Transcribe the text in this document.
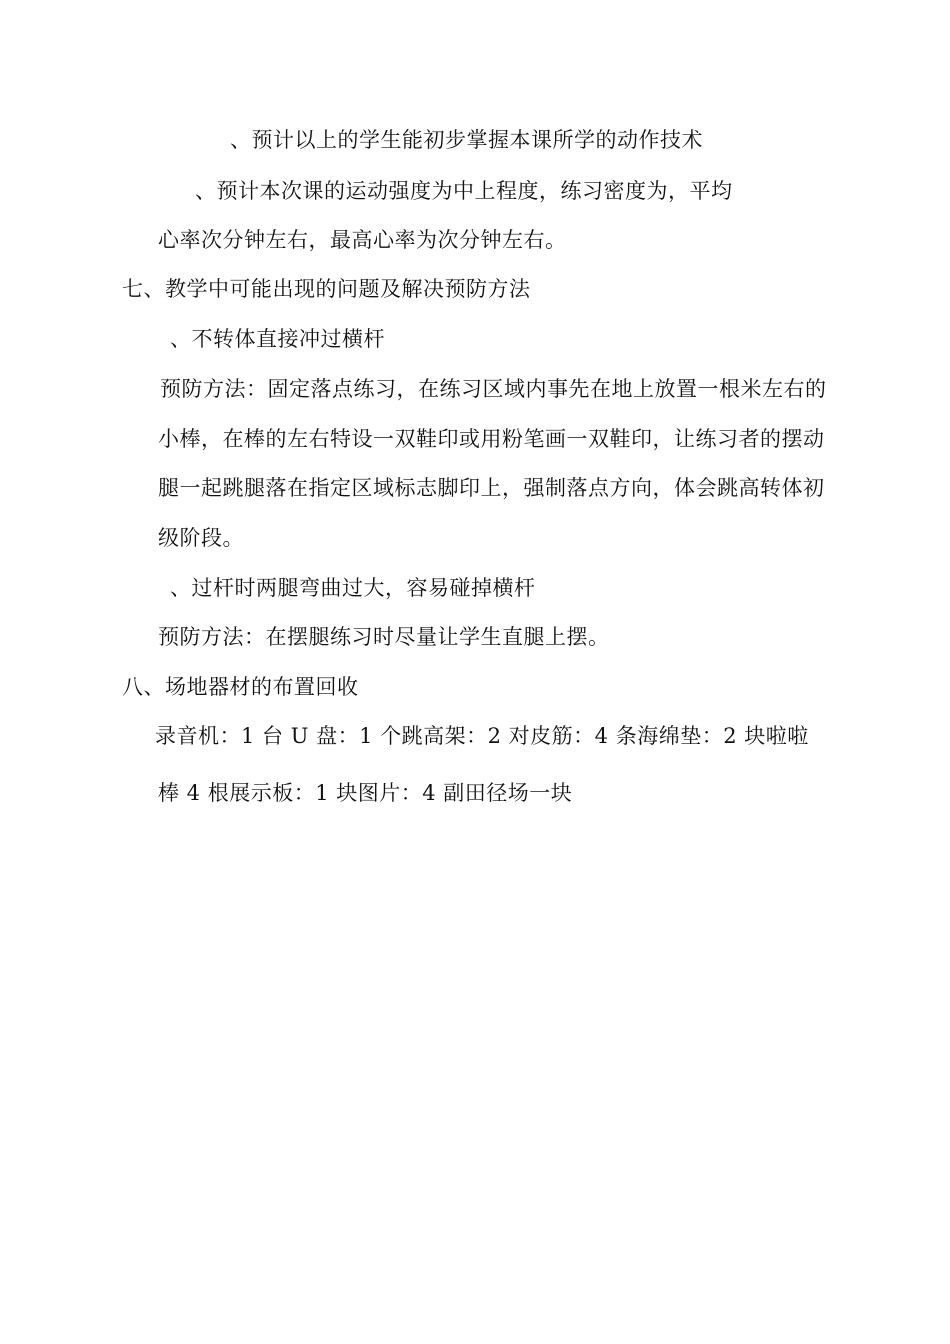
、预计以上的学生能初步掌握本课所学的动作技术
、预计本次课的运动强度为中上程度，练习密度为，平均
心率次分钟左右，最高心率为次分钟左右。
七、教学中可能出现的问题及解决预防方法
、不转体直接冲过横杆
预防方法：固定落点练习，在练习区域内事先在地上放置一根米左右的
小棒，在棒的左右特设一双鞋印或用粉笔画一双鞋印，让练习者的摆动
腿一起跳腿落在指定区域标志脚印上，强制落点方向，体会跳高转体初
级阶段。
、过杆时两腿弯曲过大，容易碰掉横杆
预防方法：在摆腿练习时尽量让学生直腿上摆。
八、场地器材的布置回收
录音机：1 台 U 盘：1 个跳高架：2 对皮筋：4 条海绵垫：2 块啦啦
棒 4 根展示板：1 块图片：4 副田径场一块
